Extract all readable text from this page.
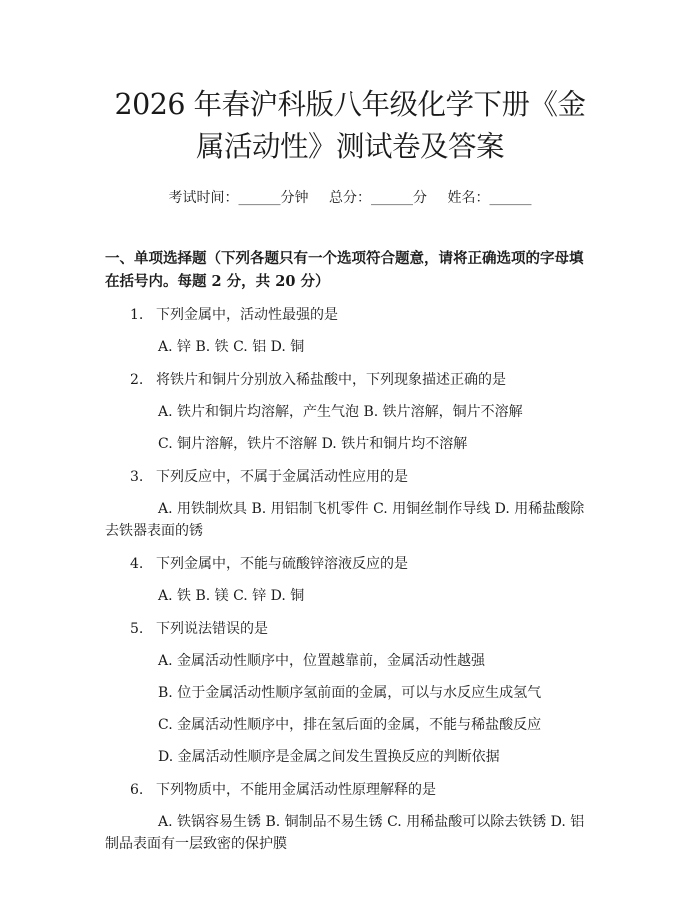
2026 年春沪科版八年级化学下册《金属活动性》测试卷及答案
考试时间：______分钟 总分：______分 姓名：______
一、单项选择题（下列各题只有一个选项符合题意，请将正确选项的字母填在括号内。每题 2 分，共 20 分）
1. 下列金属中，活动性最强的是
A. 锌 B. 铁 C. 铝 D. 铜
2. 将铁片和铜片分别放入稀盐酸中，下列现象描述正确的是
A. 铁片和铜片均溶解，产生气泡 B. 铁片溶解，铜片不溶解
C. 铜片溶解，铁片不溶解 D. 铁片和铜片均不溶解
3. 下列反应中，不属于金属活动性应用的是
A. 用铁制炊具 B. 用铝制飞机零件 C. 用铜丝制作导线 D. 用稀盐酸除去铁器表面的锈
4. 下列金属中，不能与硫酸锌溶液反应的是
A. 铁 B. 镁 C. 锌 D. 铜
5. 下列说法错误的是
A. 金属活动性顺序中，位置越靠前，金属活动性越强
B. 位于金属活动性顺序氢前面的金属，可以与水反应生成氢气
C. 金属活动性顺序中，排在氢后面的金属，不能与稀盐酸反应
D. 金属活动性顺序是金属之间发生置换反应的判断依据
6. 下列物质中，不能用金属活动性原理解释的是
A. 铁锅容易生锈 B. 铜制品不易生锈 C. 用稀盐酸可以除去铁锈 D. 铝制品表面有一层致密的保护膜
